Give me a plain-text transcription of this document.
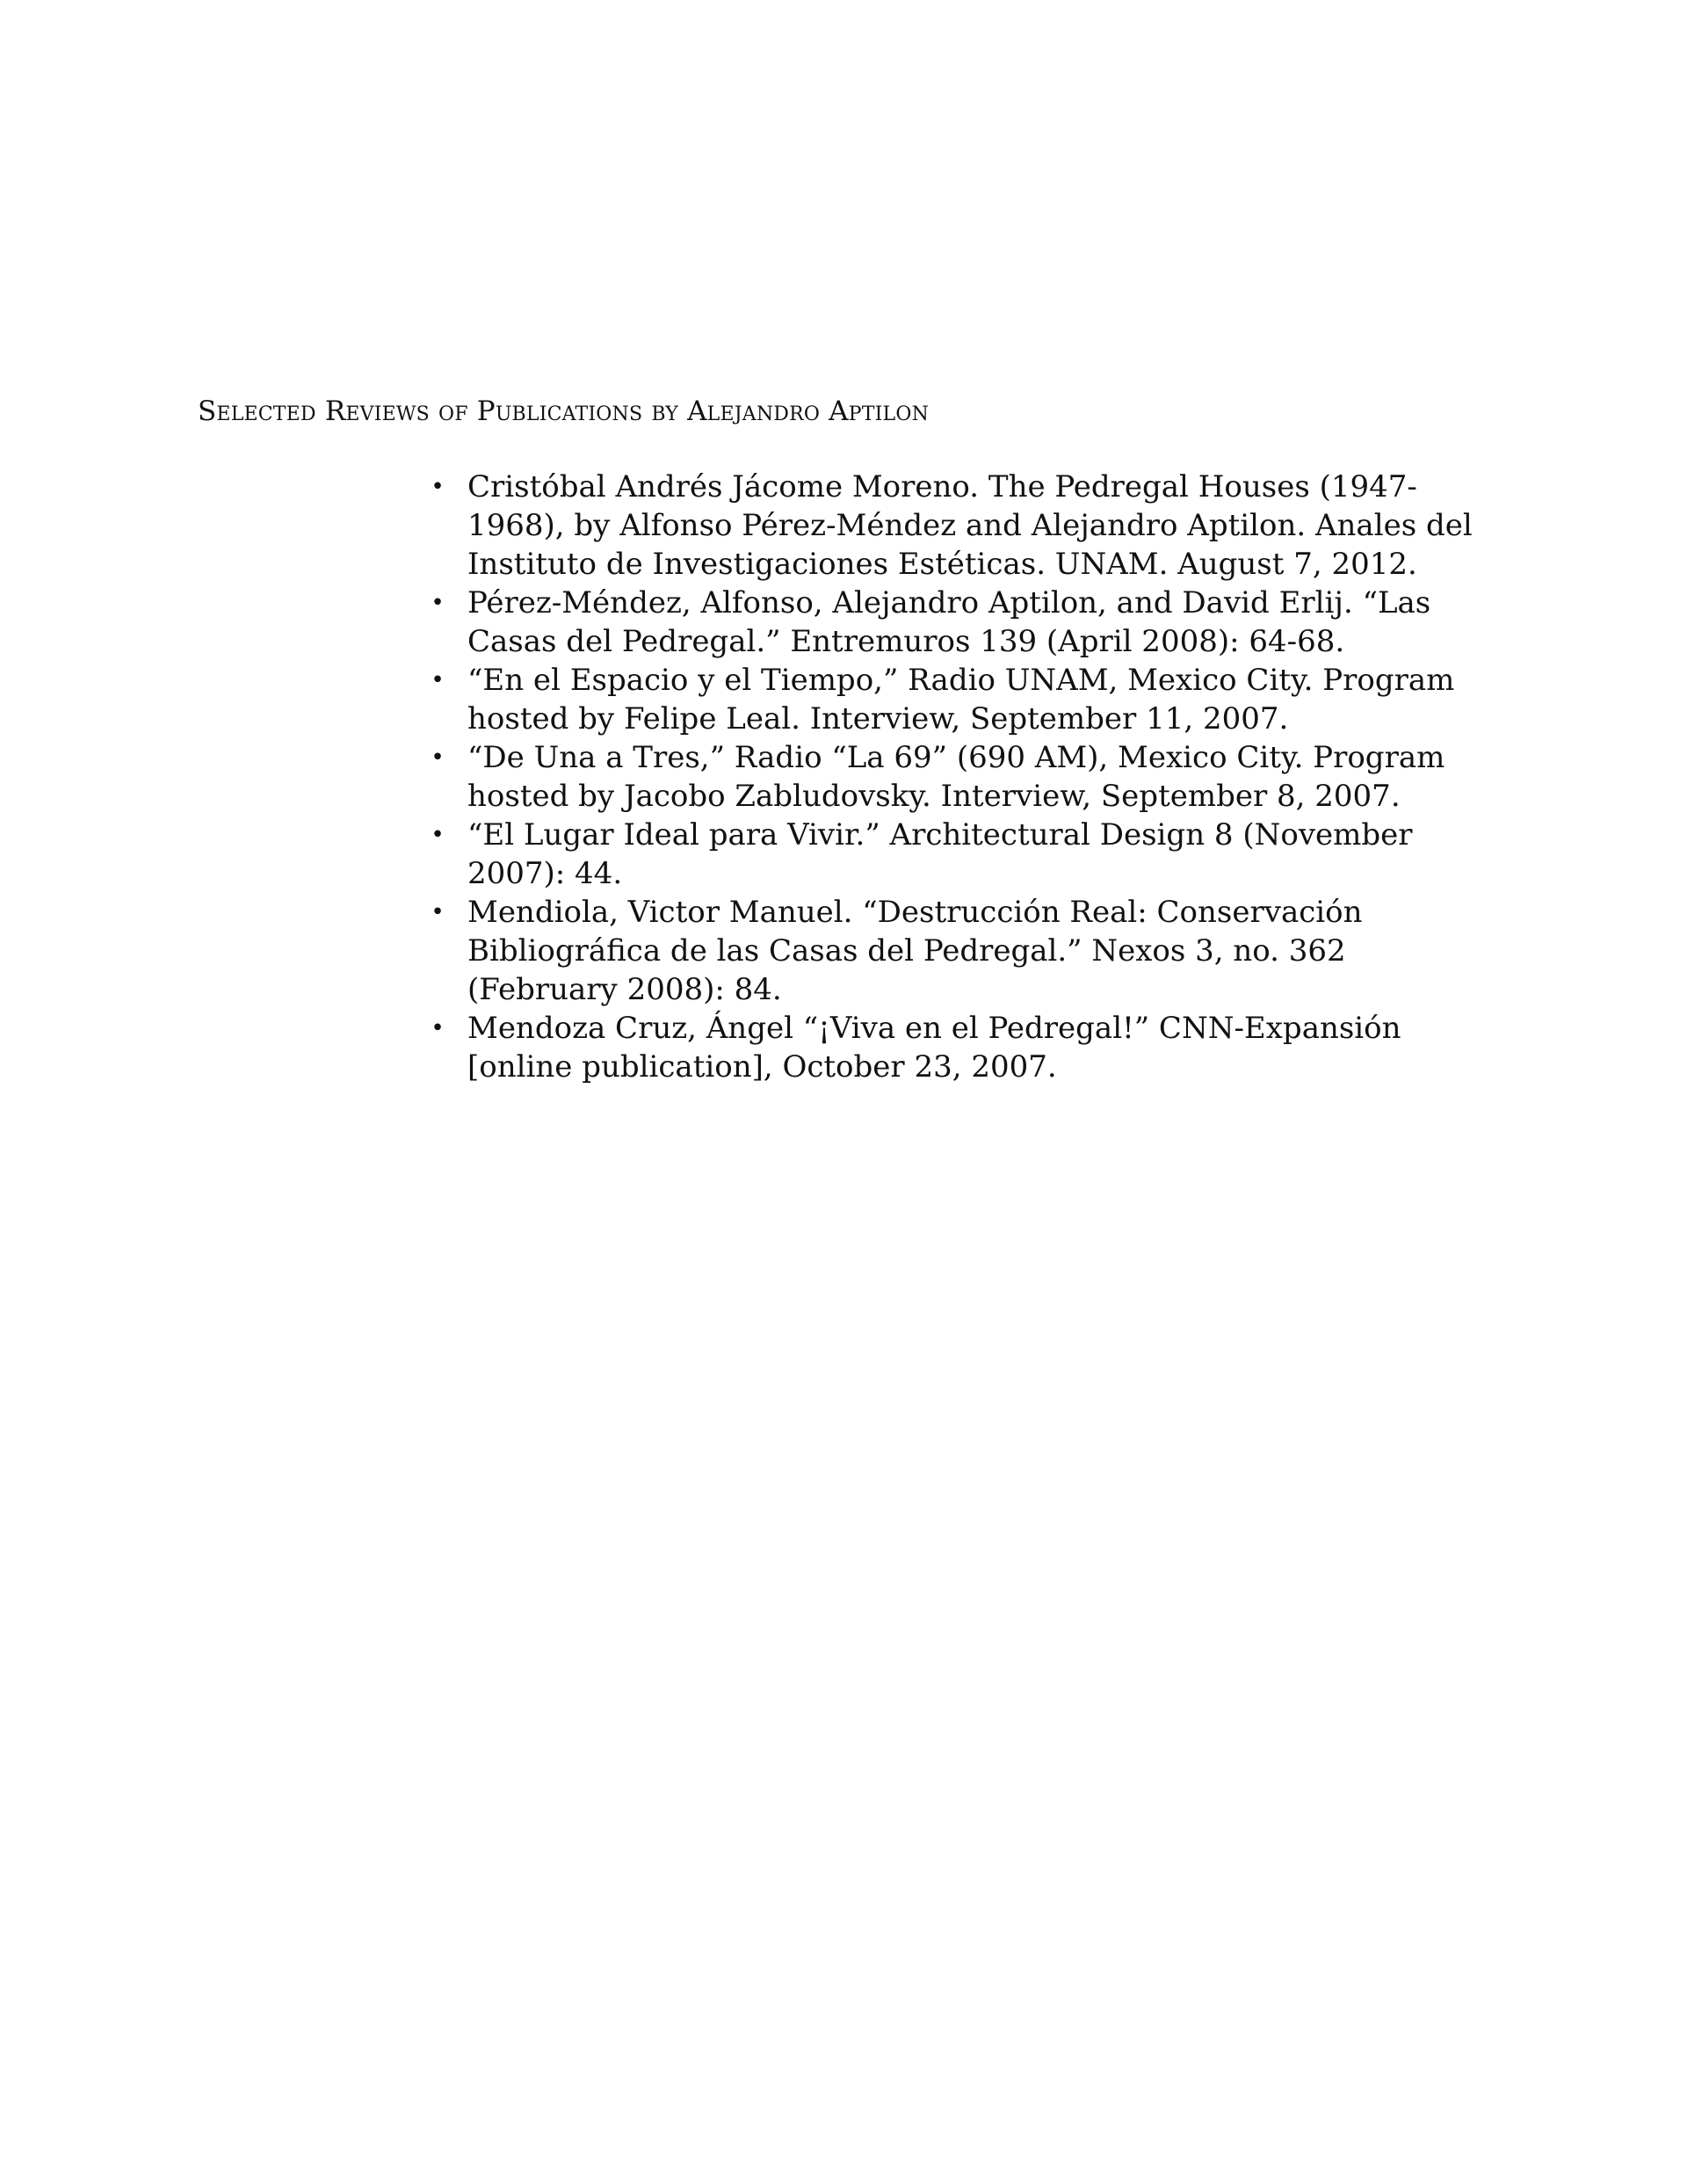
Selected Reviews of Publications by Alejandro Aptilon
• Cristóbal Andrés Jácome Moreno. The Pedregal Houses (1947-1968), by Alfonso Pérez-Méndez and Alejandro Aptilon. Anales del Instituto de Investigaciones Estéticas. UNAM. August 7, 2012.
• Pérez-Méndez, Alfonso, Alejandro Aptilon, and David Erlij. “Las Casas del Pedregal.” Entremuros 139 (April 2008): 64-68.
• “En el Espacio y el Tiempo,” Radio UNAM, Mexico City. Program hosted by Felipe Leal. Interview, September 11, 2007.
• “De Una a Tres,” Radio “La 69” (690 AM), Mexico City. Program hosted by Jacobo Zabludovsky. Interview, September 8, 2007.
• “El Lugar Ideal para Vivir.” Architectural Design 8 (November 2007): 44.
• Mendiola, Victor Manuel. “Destrucción Real: Conservación Bibliográfica de las Casas del Pedregal.” Nexos 3, no. 362 (February 2008): 84.
• Mendoza Cruz, Ángel “¡Viva en el Pedregal!” CNN-Expansión [online publication], October 23, 2007.
